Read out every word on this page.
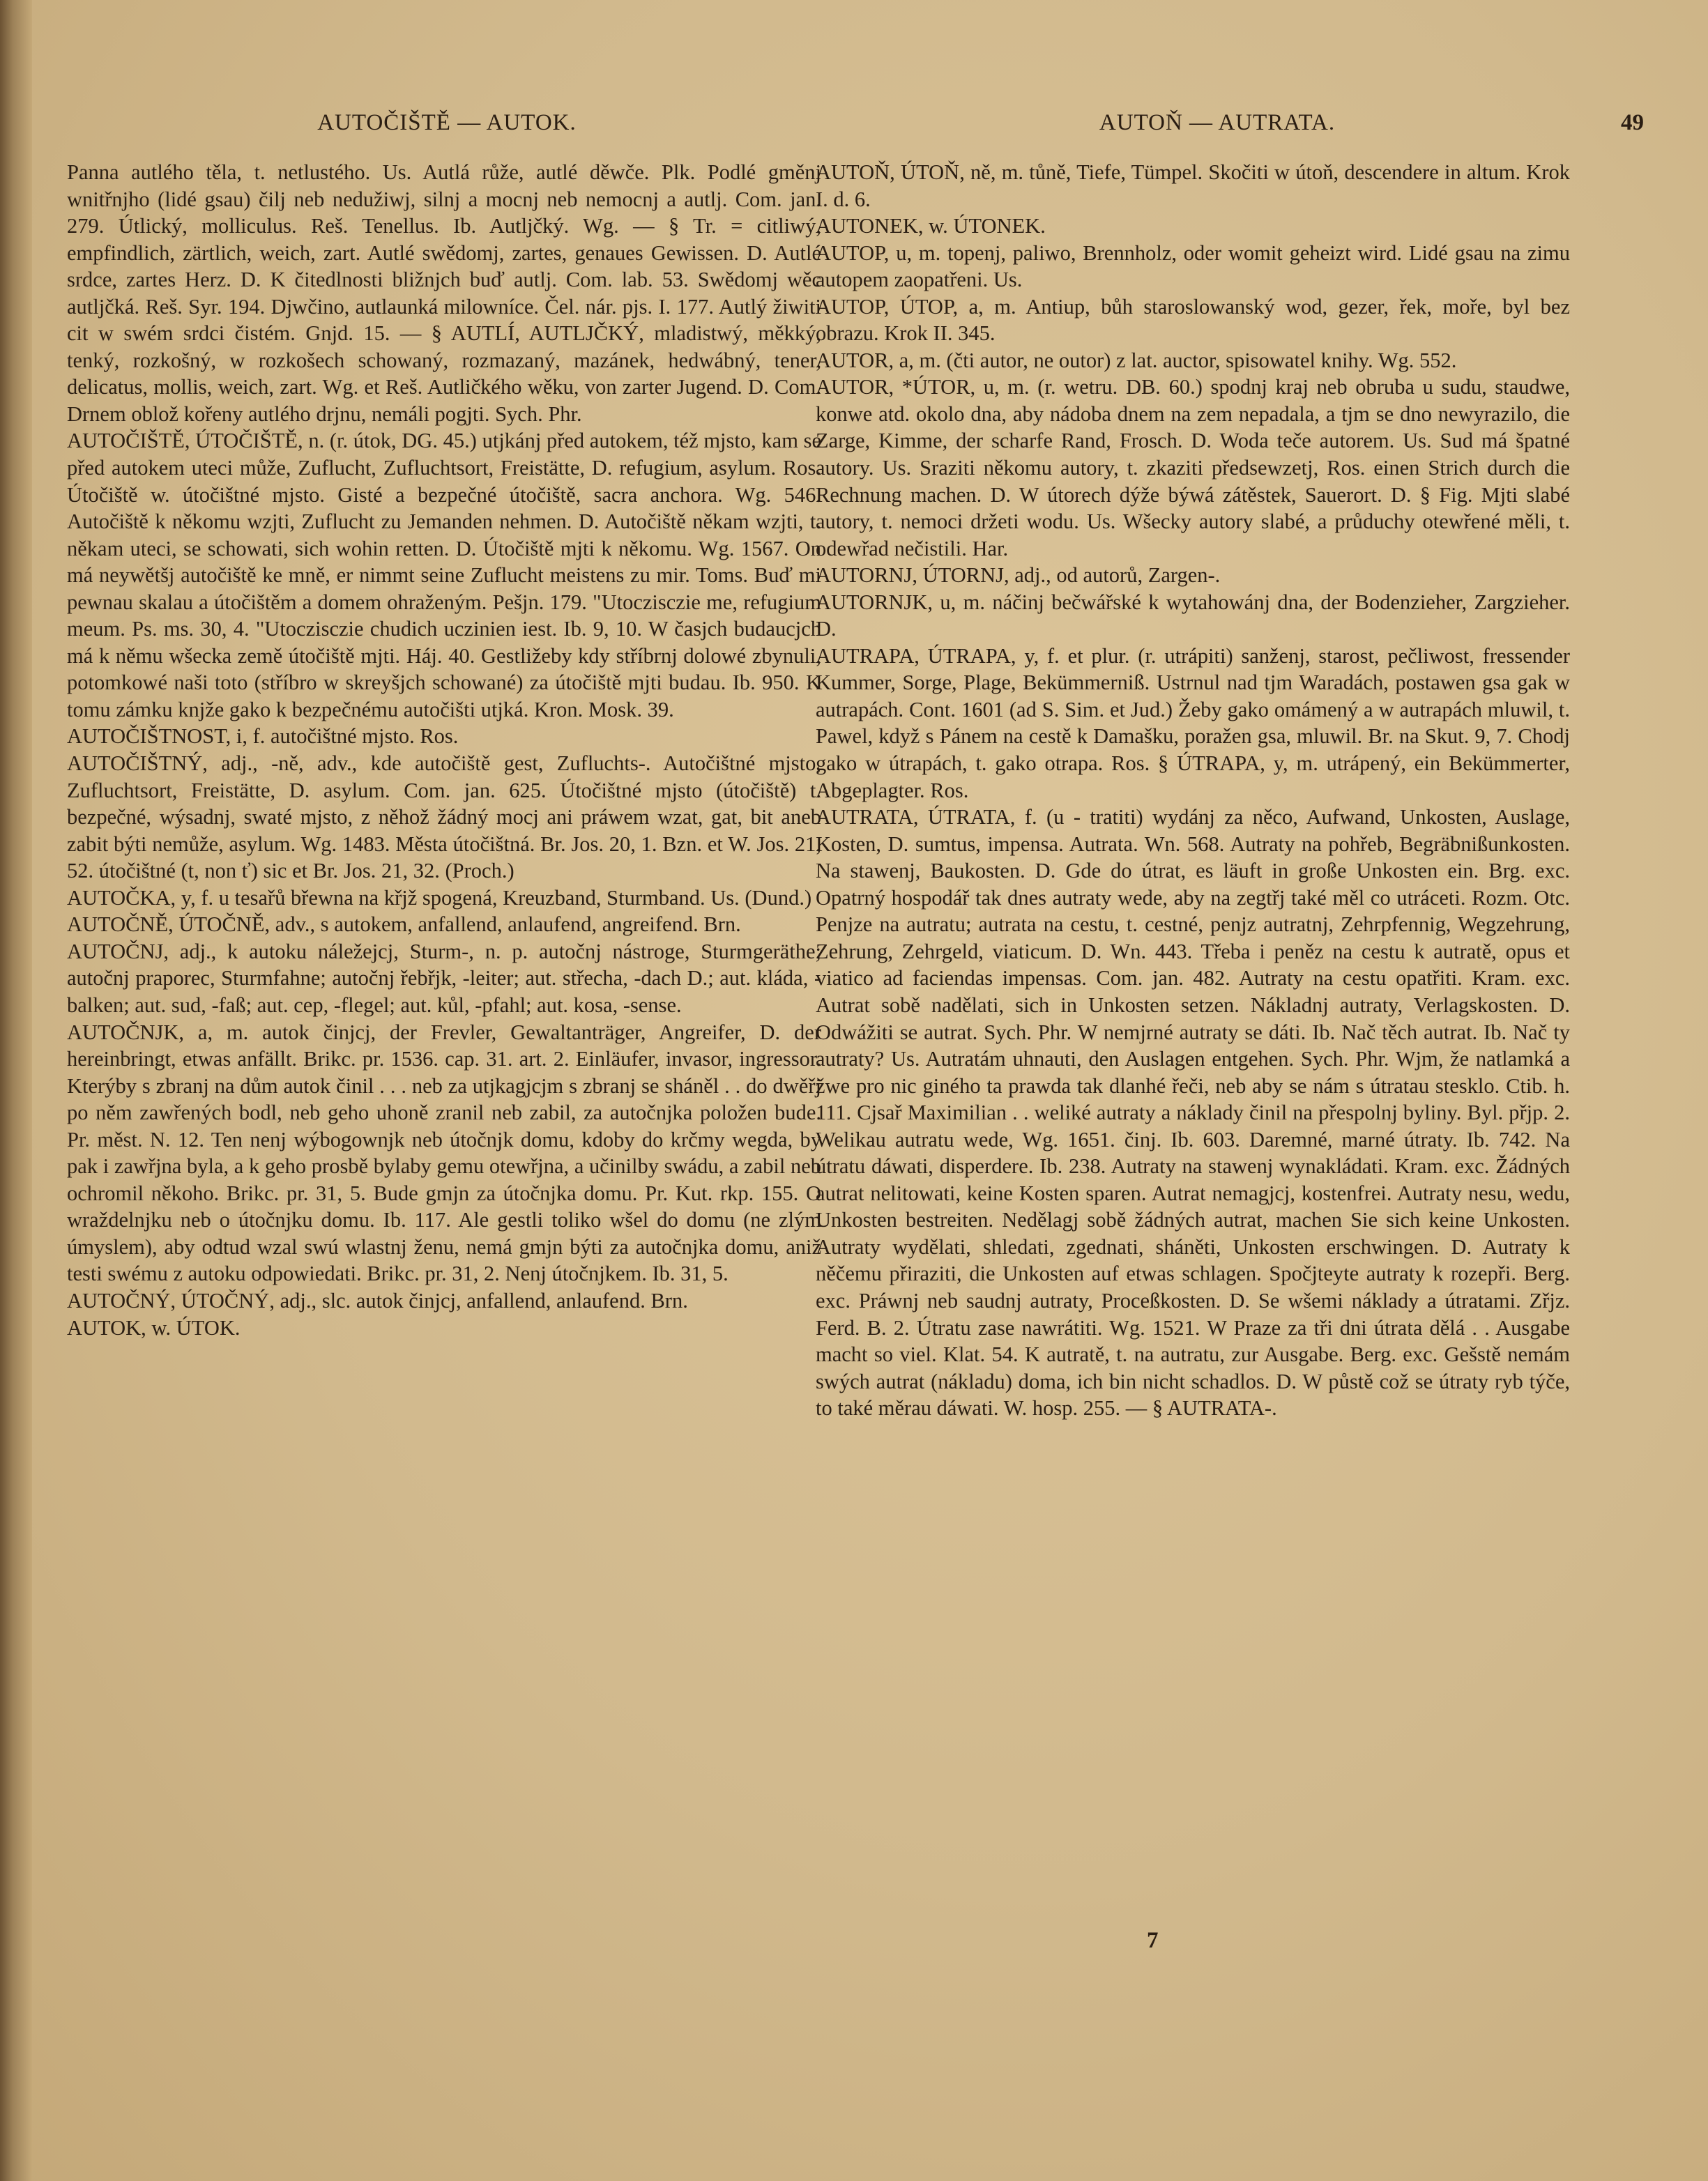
AUTOČIŠTĚ — AUTOK.	AUTOŇ — AUTRATA.	49

Panna autlého těla, t. netlustého. Us. Autlá růže, autlé děwče. Plk. Podlé gměnj wnitřnjho (lidé gsau) čilj neb nedužiwj, silnj a mocnj neb nemocnj a autlj. Com. jan. 279. Útlický, molliculus. Reš. Tenellus. Ib. Autljčký. Wg. — § Tr. = citliwý, empfindlich, zärtlich, weich, zart. Autlé swědomj, zartes, genaues Gewissen. D. Autlé srdce, zartes Herz. D. K čitedlnosti bližnjch buď autlj. Com. lab. 53. Swědomj wěc autljčká. Reš. Syr. 194. Djwčino, autlaunká milowníce. Čel. nár. pjs. I. 177. Autlý žiwiti cit w swém srdci čistém. Gnjd. 15. — § AUTLÍ, AUTLJČKÝ, mladistwý, měkký, tenký, rozkošný, w rozkošech schowaný, rozmazaný, mazánek, hedwábný, tener, delicatus, mollis, weich, zart. Wg. et Reš. Autličkého wěku, von zarter Jugend. D. Com. Drnem oblož kořeny autlého drjnu, nemáli pogjti. Sych. Phr.

AUTOČIŠTĚ, ÚTOČIŠTĚ, n. (r. útok, DG. 45.) utjkánj před autokem, též mjsto, kam se před autokem uteci může, Zuflucht, Zufluchtsort, Freistätte, D. refugium, asylum. Ros. Útočiště w. útočištné mjsto. Gisté a bezpečné útočiště, sacra anchora. Wg. 546. Autočiště k někomu wzjti, Zuflucht zu Jemanden nehmen. D. Autočiště někam wzjti, t. někam uteci, se schowati, sich wohin retten. D. Útočiště mjti k někomu. Wg. 1567. On má neywětšj autočiště ke mně, er nimmt seine Zuflucht meistens zu mir. Toms. Buď mi pewnau skalau a útočištěm a domem ohraženým. Pešjn. 179. "Utoczisczie me, refugium meum. Ps. ms. 30, 4. "Utoczisczie chudich uczinien iest. Ib. 9, 10. W časjch budaucjch má k němu wšecka země útočiště mjti. Háj. 40. Gestližeby kdy stříbrnj dolowé zbynuli, potomkowé naši toto (stříbro w skreyšjch schowané) za útočiště mjti budau. Ib. 950. K tomu zámku knjže gako k bezpečnému autočišti utjká. Kron. Mosk. 39.

AUTOČIŠTNOST, i, f. autočištné mjsto. Ros.

AUTOČIŠTNÝ, adj., -ně, adv., kde autočiště gest, Zufluchts-. Autočištné mjsto, Zufluchtsort, Freistätte, D. asylum. Com. jan. 625. Útočištné mjsto (útočiště) t. bezpečné, wýsadnj, swaté mjsto, z něhož žádný mocj ani práwem wzat, gat, bit aneb zabit býti nemůže, asylum. Wg. 1483. Města útočištná. Br. Jos. 20, 1. Bzn. et W. Jos. 21, 52. útočištné (t, non ť) sic et Br. Jos. 21, 32. (Proch.)

AUTOČKA, y, f. u tesařů břewna na křjž spogená, Kreuzband, Sturmband. Us. (Dund.)

AUTOČNĚ, ÚTOČNĚ, adv., s autokem, anfallend, anlaufend, angreifend. Brn.

AUTOČNJ, adj., k autoku náležejcj, Sturm-, n. p. autočnj nástroge, Sturmgeräthe; autočnj praporec, Sturmfahne; autočnj řebřjk, -leiter; aut. střecha, -dach D.; aut. kláda, -balken; aut. sud, -faß; aut. cep, -flegel; aut. kůl, -pfahl; aut. kosa, -sense.

AUTOČNJK, a, m. autok činjcj, der Frevler, Gewaltanträger, Angreifer, D. der hereinbringt, etwas anfällt. Brikc. pr. 1536. cap. 31. art. 2. Einläufer, invasor, ingressor. Kterýby s zbranj na dům autok činil . . . neb za utjkagjcjm s zbranj se sháněl . . do dwěřj po něm zawřených bodl, neb geho uhoně zranil neb zabil, za autočnjka položen bude. Pr. měst. N. 12. Ten nenj wýbogownjk neb útočnjk domu, kdoby do krčmy wegda, by pak i zawřjna byla, a k geho prosbě bylaby gemu otewřjna, a učinilby swádu, a zabil neb ochromil někoho. Brikc. pr. 31, 5. Bude gmjn za útočnjka domu. Pr. Kut. rkp. 155. O wraždelnjku neb o útočnjku domu. Ib. 117. Ale gestli toliko wšel do domu (ne zlým úmyslem), aby odtud wzal swú wlastnj ženu, nemá gmjn býti za autočnjka domu, aniž testi swému z autoku odpowiedati. Brikc. pr. 31, 2. Nenj útočnjkem. Ib. 31, 5.

AUTOČNÝ, ÚTOČNÝ, adj., slc. autok činjcj, anfallend, anlaufend. Brn.

AUTOK, w. ÚTOK.

AUTOŇ, ÚTOŇ, ně, m. tůně, Tiefe, Tümpel. Skočiti w útoň, descendere in altum. Krok I. d. 6.

AUTONEK, w. ÚTONEK.

AUTOP, u, m. topenj, paliwo, Brennholz, oder womit geheizt wird. Lidé gsau na zimu autopem zaopatřeni. Us.

AUTOP, ÚTOP, a, m. Antiup, bůh staroslowanský wod, gezer, řek, moře, byl bez obrazu. Krok II. 345.

AUTOR, a, m. (čti autor, ne outor) z lat. auctor, spisowatel knihy. Wg. 552.

AUTOR, *ÚTOR, u, m. (r. wetru. DB. 60.) spodnj kraj neb obruba u sudu, staudwe, konwe atd. okolo dna, aby nádoba dnem na zem nepadala, a tjm se dno newyrazilo, die Zarge, Kimme, der scharfe Rand, Frosch. D. Woda teče autorem. Us. Sud má špatné autory. Us. Sraziti někomu autory, t. zkaziti předsewzetj, Ros. einen Strich durch die Rechnung machen. D. W útorech dýže býwá zátěstek, Sauerort. D. § Fig. Mjti slabé autory, t. nemoci držeti wodu. Us. Wšecky autory slabé, a průduchy otewřené měli, t. odewřad nečistili. Har.

AUTORNJ, ÚTORNJ, adj., od autorů, Zargen-.

AUTORNJK, u, m. náčinj bečwářské k wytahowánj dna, der Bodenzieher, Zargzieher. D.

AUTRAPA, ÚTRAPA, y, f. et plur. (r. utrápiti) sanženj, starost, pečliwost, fressender Kummer, Sorge, Plage, Bekümmerniß. Ustrnul nad tjm Waradách, postawen gsa gak w autrapách. Cont. 1601 (ad S. Sim. et Jud.) Žeby gako omámený a w autrapách mluwil, t. Pawel, když s Pánem na cestě k Damašku, poražen gsa, mluwil. Br. na Skut. 9, 7. Chodj gako w útrapách, t. gako otrapa. Ros. § ÚTRAPA, y, m. utrápený, ein Bekümmerter, Abgeplagter. Ros.

AUTRATA, ÚTRATA, f. (u - tratiti) wydánj za něco, Aufwand, Unkosten, Auslage, Kosten, D. sumtus, impensa. Autrata. Wn. 568. Autraty na pohřeb, Begräbnißunkosten. Na stawenj, Baukosten. D. Gde do útrat, es läuft in große Unkosten ein. Brg. exc. Opatrný hospodář tak dnes autraty wede, aby na zegtřj také měl co utráceti. Rozm. Otc. Penjze na autratu; autrata na cestu, t. cestné, penjz autratnj, Zehrpfennig, Wegzehrung, Zehrung, Zehrgeld, viaticum. D. Wn. 443. Třeba i peněz na cestu k autratě, opus et viatico ad faciendas impensas. Com. jan. 482. Autraty na cestu opatřiti. Kram. exc. Autrat sobě nadělati, sich in Unkosten setzen. Nákladnj autraty, Verlagskosten. D. Odwážiti se autrat. Sych. Phr. W nemjrné autraty se dáti. Ib. Nač těch autrat. Ib. Nač ty autraty? Us. Autratám uhnauti, den Auslagen entgehen. Sych. Phr. Wjm, že natlamká a žwe pro nic giného ta prawda tak dlanhé řeči, neb aby se nám s útratau stesklo. Ctib. h. 111. Cjsař Maximilian . . weliké autraty a náklady činil na přespolnj byliny. Byl. přjp. 2. Welikau autratu wede, Wg. 1651. činj. Ib. 603. Daremné, marné útraty. Ib. 742. Na útratu dáwati, disperdere. Ib. 238. Autraty na stawenj wynakládati. Kram. exc. Žádných autrat nelitowati, keine Kosten sparen. Autrat nemagjcj, kostenfrei. Autraty nesu, wedu, Unkosten bestreiten. Nedělagj sobě žádných autrat, machen Sie sich keine Unkosten. Autraty wydělati, shledati, zgednati, sháněti, Unkosten erschwingen. D. Autraty k něčemu přiraziti, die Unkosten auf etwas schlagen. Spočjteyte autraty k rozepři. Berg. exc. Práwnj neb saudnj autraty, Proceßkosten. D. Se wšemi náklady a útratami. Zřjz. Ferd. B. 2. Útratu zase nawrátiti. Wg. 1521. W Praze za tři dni útrata dělá . . Ausgabe macht so viel. Klat. 54. K autratě, t. na autratu, zur Ausgabe. Berg. exc. Gešstě nemám swých autrat (nákladu) doma, ich bin nicht schadlos. D. W půstě což se útraty ryb týče, to také měrau dáwati. W. hosp. 255. — § AUTRATA-.

7
